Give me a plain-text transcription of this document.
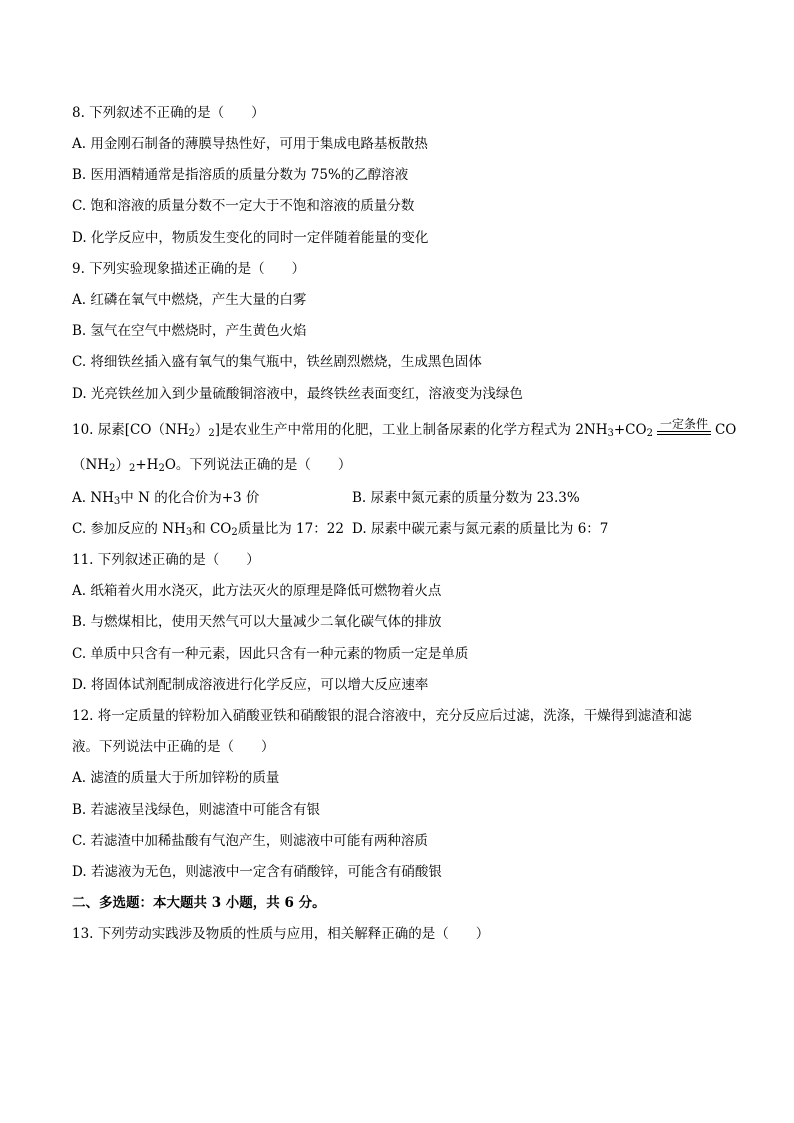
8. 下列叙述不正确的是（　　）
A. 用金刚石制备的薄膜导热性好，可用于集成电路基板散热
B. 医用酒精通常是指溶质的质量分数为 75%的乙醇溶液
C. 饱和溶液的质量分数不一定大于不饱和溶液的质量分数
D. 化学反应中，物质发生变化的同时一定伴随着能量的变化
9. 下列实验现象描述正确的是（　　）
A. 红磷在氧气中燃烧，产生大量的白雾
B. 氢气在空气中燃烧时，产生黄色火焰
C. 将细铁丝插入盛有氧气的集气瓶中，铁丝剧烈燃烧，生成黑色固体
D. 光亮铁丝加入到少量硫酸铜溶液中，最终铁丝表面变红，溶液变为浅绿色
10. 尿素$[CO(NH_2)_2]$是农业生产中常用的化肥，工业上制备尿素的化学方程式为 $2NH_3+CO_2$
一定条件 CO
$(NH_2)_2+H_2O$。下列说法正确的是（　　）
A. $NH_3$中 N 的化合价为+3 价	B. 尿素中氮元素的质量分数为 23.3%
C. 参加反应的 $NH_3$和 $CO_2$质量比为 17：22 D. 尿素中碳元素与氮元素的质量比为 6：7
11. 下列叙述正确的是（　　）
A. 纸箱着火用水浇灭，此方法灭火的原理是降低可燃物着火点
B. 与燃煤相比，使用天然气可以大量减少二氧化碳气体的排放
C. 单质中只含有一种元素，因此只含有一种元素的物质一定是单质
D. 将固体试剂配制成溶液进行化学反应，可以增大反应速率
12. 将一定质量的锌粉加入硝酸亚铁和硝酸银的混合溶液中，充分反应后过滤，洗涤，干燥得到滤渣和滤
液。下列说法中正确的是（　　）
A. 滤渣的质量大于所加锌粉的质量
B. 若滤液呈浅绿色，则滤渣中可能含有银
C. 若滤渣中加稀盐酸有气泡产生，则滤液中可能有两种溶质
D. 若滤液为无色，则滤液中一定含有硝酸锌，可能含有硝酸银
二、多选题：本大题共 3 小题，共 6 分。
13. 下列劳动实践涉及物质的性质与应用，相关解释正确的是（　　）
